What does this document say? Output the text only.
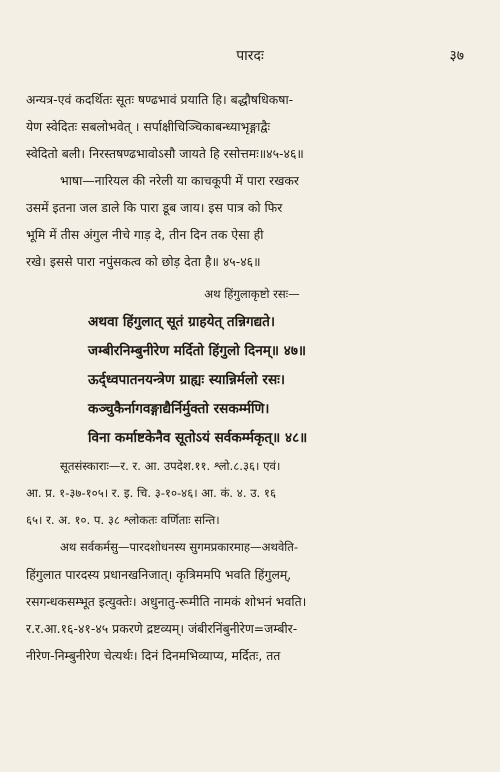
पारदः	३७
अन्यत्र-एवं कदर्थितः सूतः षण्ढभावं प्रयाति हि। बद्धौषधिकषा-
येण स्वेदितः सबलोभवेत् । सर्पाक्षीचिञ्चिकाबन्ध्याभृङ्गाद्वैः
स्वेदितो बली। निरस्तषण्ढभावोऽसौ जायते हि रसोत्तमः॥४५-४६॥
भाषा—नारियल की नरेली या काचकूपी में पारा रखकर
उसमें इतना जल डाले कि पारा डूब जाय। इस पात्र को फिर
भूमि में तीस अंगुल नीचे गाड़ दे, तीन दिन तक ऐसा ही
रखे। इससे पारा नपुंसकत्व को छोड़ देता है॥ ४५-४६॥
अथ हिंगुलाकृष्टो रसः—
अथवा हिंगुलात् सूतं ग्राहयेत् तन्निगद्यते।
जम्बीरनिम्बुनीरेण मर्दितो हिंगुलो दिनम्॥ ४७॥
ऊर्द्ध्वपातनयन्त्रेण ग्राह्यः स्यान्निर्मलो रसः।
कञ्चुकैर्नागवङ्गाद्यैर्निर्मुक्तो रसकर्म्मणि।
विना कर्माष्टकेनैव सूतोऽयं सर्वकर्म्मकृत्॥ ४८॥
सूतसंस्काराः—र. र. आ. उपदेश.११. श्लो.८.३६। एवं।
आ. प्र. १-३७-१०५। र. इ. चि. ३-१०-४६। आ. कं. ४. उ. १६
६५। र. अ. १०. प. ३८ श्लोकतः वर्णिताः सन्ति।
अथ सर्वकर्मसु—पारदशोधनस्य सुगमप्रकारमाह—अथवेति-
हिंगुलात पारदस्य प्रधानखनिजात्। कृत्रिममपि भवति हिंगुलम्,
रसगन्धकसम्भूत इत्युक्तेः। अधुनातु-रूमीति नामकं शोभनं भवति।
र.र.आ.१६-४१-४५ प्रकरणे द्रष्टव्यम्। जंबीरनिंबुनीरेण=जम्बीर-
नीरेण-निम्बुनीरेण चेत्यर्थः। दिनं दिनमभिव्याप्य, मर्दितः, तत
